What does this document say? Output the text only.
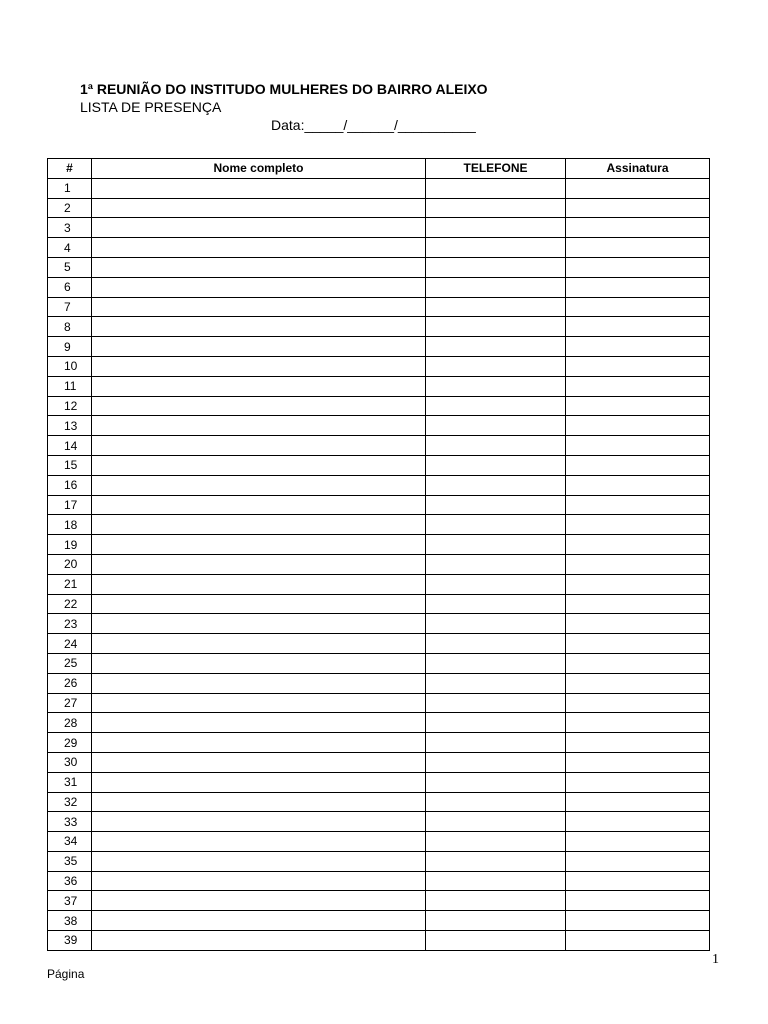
1ª REUNIÃO DO INSTITUDO MULHERES DO BAIRRO ALEIXO
LISTA DE PRESENÇA
Data:_____/______/__________
#	Nome completo	TELEFONE	Assinatura
1			
2			
3			
4			
5			
6			
7			
8			
9			
10			
11			
12			
13			
14			
15			
16			
17			
18			
19			
20			
21			
22			
23			
24			
25			
26			
27			
28			
29			
30			
31			
32			
33			
34			
35			
36			
37			
38			
39			
1
Página
